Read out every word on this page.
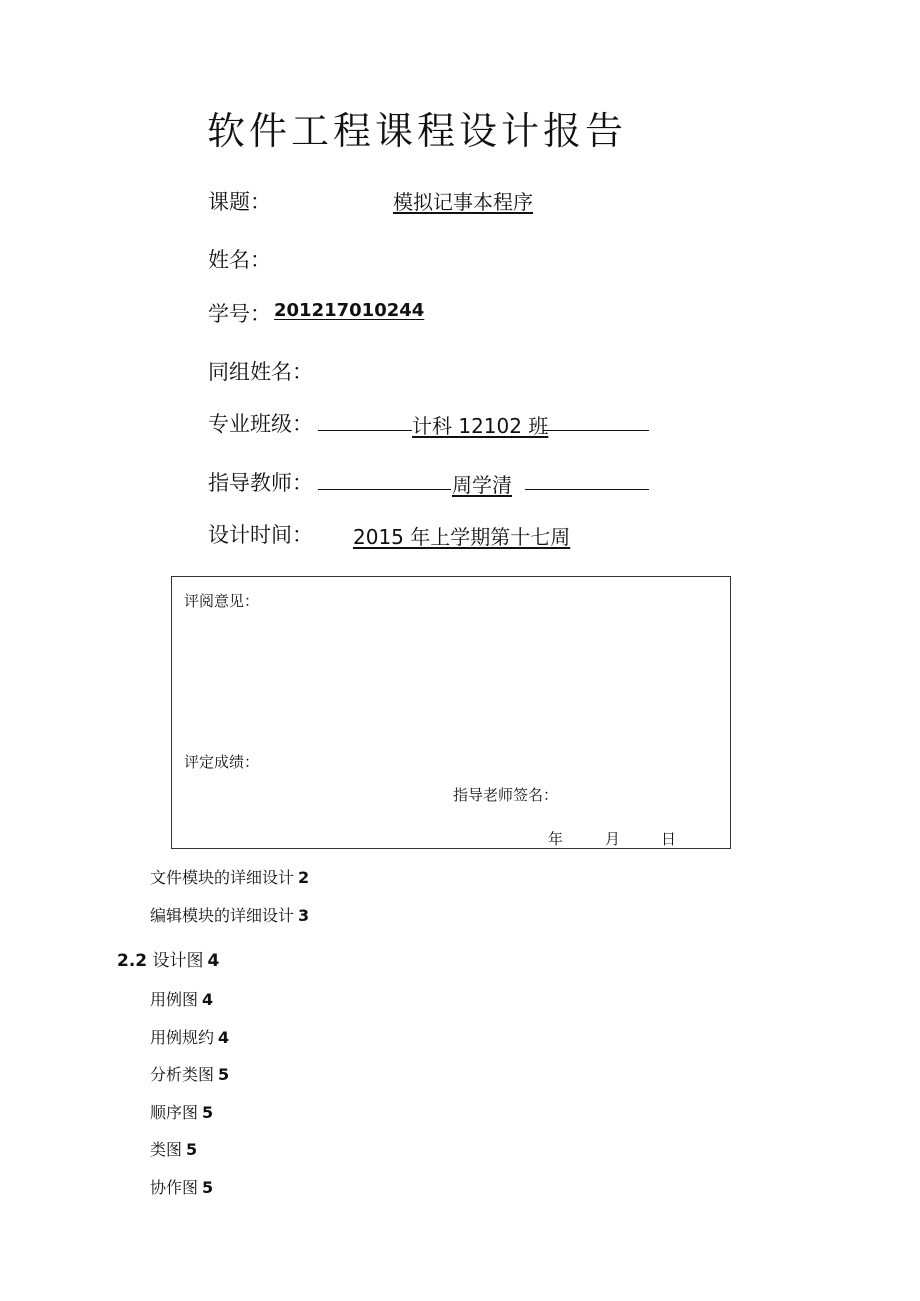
软件工程课程设计报告
课题：	模拟记事本程序
姓名：
学号： 201217010244
同组姓名：
专业班级：	计科 12102 班
指导教师：	周学清
设计时间： 2015 年上学期第十七周
评阅意见：
评定成绩：
指导老师签名：
年	月	日
文件模块的详细设计 2
编辑模块的详细设计 3
2.2 设计图 4
用例图 4
用例规约 4
分析类图 5
顺序图 5
类图 5
协作图 5
